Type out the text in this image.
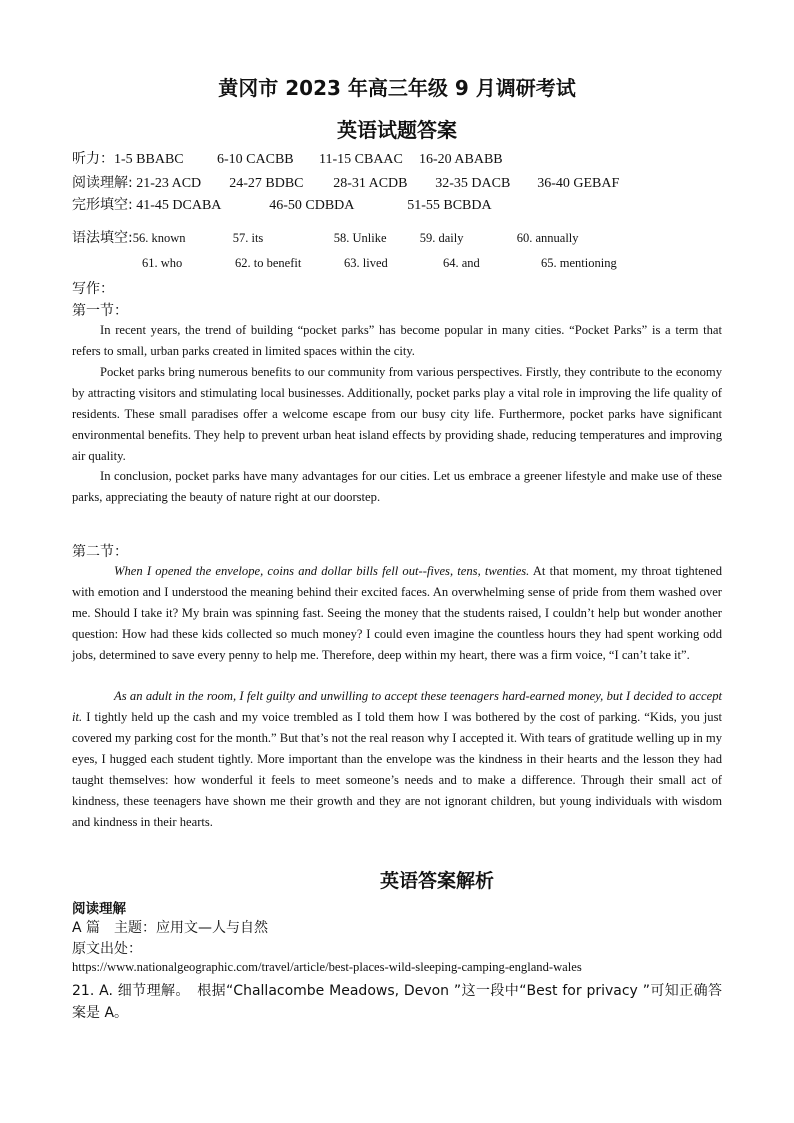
黄冈市 2023 年高三年级 9 月调研考试
英语试题答案
听力：1-5 BBABC 6-10 CACBB 11-15 CBAAC 16-20 ABABB
阅读理解: 21-23 ACD 24-27 BDBC 28-31 ACDB 32-35 DACB 36-40 GEBAF
完形填空: 41-45 DCABA	46-50 CDBDA	51-55 BCBDA
语法填空:56. known	57. its	58. Unlike	59. daily	60. annually
61. who	62. to benefit	63. lived	64. and	65. mentioning
写作：
第一节：

In recent years, the trend of building “pocket parks” has become popular in many cities. “Pocket Parks” is a term that refers to small, urban parks created in limited spaces within the city.

Pocket parks bring numerous benefits to our community from various perspectives. Firstly, they contribute to the economy by attracting visitors and stimulating local businesses. Additionally, pocket parks play a vital role in improving the life quality of residents. These small paradises offer a welcome escape from our busy city life. Furthermore, pocket parks have significant environmental benefits. They help to prevent urban heat island effects by providing shade, reducing temperatures and improving air quality.

In conclusion, pocket parks have many advantages for our cities. Let us embrace a greener lifestyle and make use of these parks, appreciating the beauty of nature right at our doorstep.

第二节：

When I opened the envelope, coins and dollar bills fell out--fives, tens, twenties. At that moment, my throat tightened with emotion and I understood the meaning behind their excited faces. An overwhelming sense of pride from them washed over me. Should I take it? My brain was spinning fast. Seeing the money that the students raised, I couldn’t help but wonder another question: How had these kids collected so much money? I could even imagine the countless hours they had spent working odd jobs, determined to save every penny to help me. Therefore, deep within my heart, there was a firm voice, “I can’t take it”.

As an adult in the room, I felt guilty and unwilling to accept these teenagers hard-earned money, but I decided to accept it. I tightly held up the cash and my voice trembled as I told them how I was bothered by the cost of parking. “Kids, you just covered my parking cost for the month.” But that’s not the real reason why I accepted it. With tears of gratitude welling up in my eyes, I hugged each student tightly. More important than the envelope was the kindness in their hearts and the lesson they had taught themselves: how wonderful it feels to meet someone’s needs and to make a difference. Through their small act of kindness, these teenagers have shown me their growth and they are not ignorant children, but young individuals with wisdom and kindness in their hearts.

英语答案解析
阅读理解
A 篇　主题：应用文—人与自然
原文出处：
https://www.nationalgeographic.com/travel/article/best-places-wild-sleeping-camping-england-wales

21. A. 细节理解。　根据“Challacombe Meadows, Devon ”这一段中“Best for privacy ”可知正确答案是 A。
